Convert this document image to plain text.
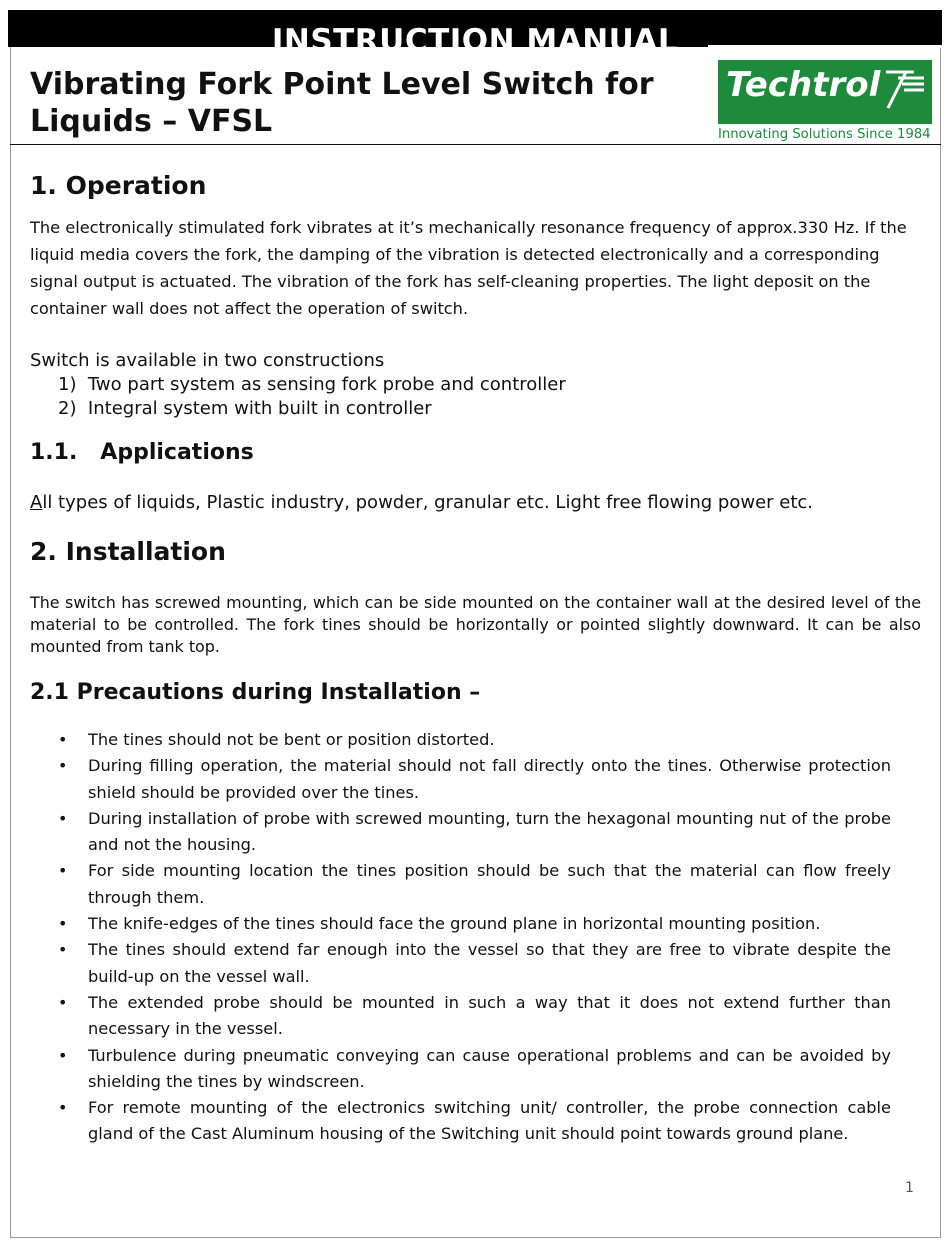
INSTRUCTION MANUAL
Vibrating Fork Point Level Switch for
Liquids – VFSL
Techtrol
Innovating Solutions Since 1984
1. Operation

The electronically stimulated fork vibrates at it’s mechanically resonance frequency of approx.330 Hz. If the liquid media covers the fork, the damping of the vibration is detected electronically and a corresponding signal output is actuated. The vibration of the fork has self-cleaning properties. The light deposit on the container wall does not affect the operation of switch.

Switch is available in two constructions

1)  Two part system as sensing fork probe and controller
2)  Integral system with built in controller
1.1.   Applications

All types of liquids, Plastic industry, powder, granular etc. Light free flowing power etc.

2. Installation

The switch has screwed mounting, which can be side mounted on the container wall at the desired level of the material to be controlled. The fork tines should be horizontally or pointed slightly downward. It can be also mounted from tank top.

2.1 Precautions during Installation –
• The tines should not be bent or position distorted.
• During filling operation, the material should not fall directly onto the tines. Otherwise protection shield should be provided over the tines.
• During installation of probe with screwed mounting, turn the hexagonal mounting nut of the probe and not the housing.
• For side mounting location the tines position should be such that the material can flow freely through them.
• The knife-edges of the tines should face the ground plane in horizontal mounting position.
• The tines should extend far enough into the vessel so that they are free to vibrate despite the build-up on the vessel wall.
• The extended probe should be mounted in such a way that it does not extend further than necessary in the vessel.
• Turbulence during pneumatic conveying can cause operational problems and can be avoided by shielding the tines by windscreen.
• For remote mounting of the electronics switching unit/ controller, the probe connection cable gland of the Cast Aluminum housing of the Switching unit should point towards ground plane.
1
